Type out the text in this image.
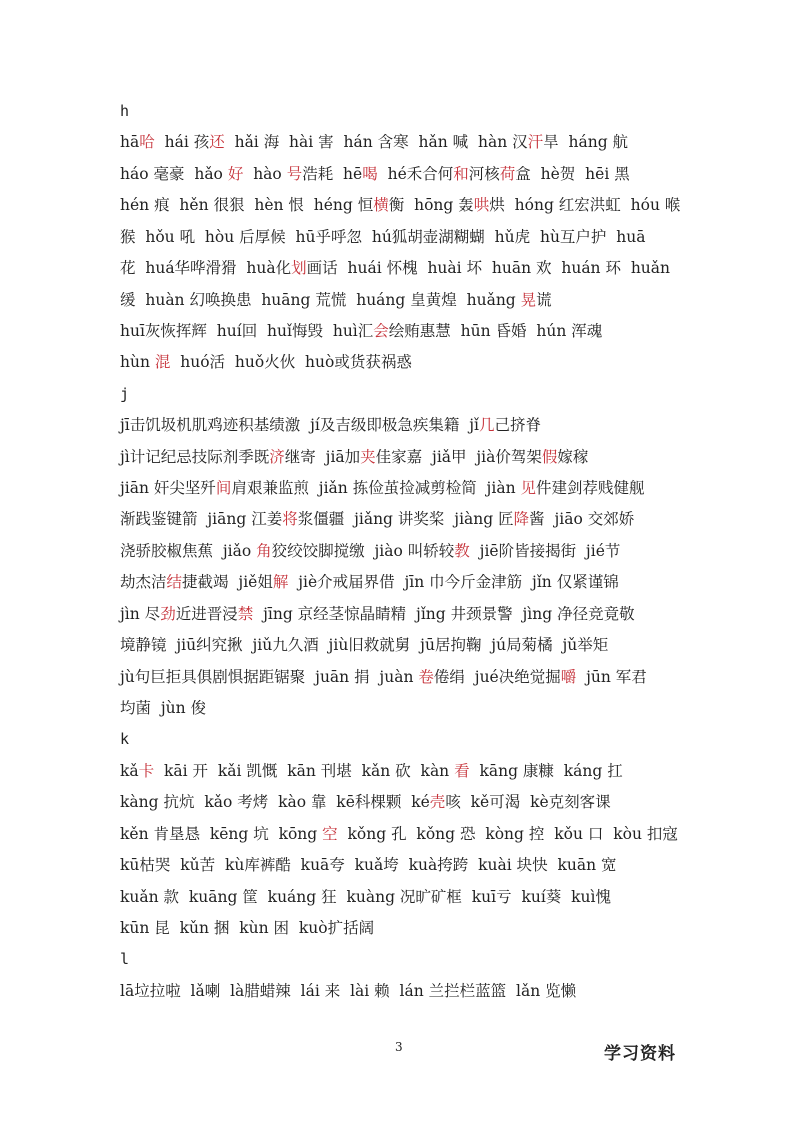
h
hā哈  hái 孩还  hǎi 海  hài 害  hán 含寒  hǎn 喊  hàn 汉汗旱  háng 航
háo 毫豪  hǎo 好  hào 号浩耗  hē喝  hé禾合何和河核荷盒  hè贺  hēi 黑
hén 痕  hěn 很狠  hèn 恨  héng 恒横衡  hōng 轰哄烘  hóng 红宏洪虹  hóu 喉
猴  hǒu 吼  hòu 后厚候  hū乎呼忽  hú狐胡壶湖糊蝴  hǔ虎  hù互户护  huā
花  huá华哗滑猾  huà化划画话  huái 怀槐  huài 坏  huān 欢  huán 环  huǎn
缓  huàn 幻唤换患  huāng 荒慌  huáng 皇黄煌  huǎng 晃谎
huī灰恢挥辉  huí回  huǐ悔毁  huì汇会绘贿惠慧  hūn 昏婚  hún 浑魂
hùn 混  huó活  huǒ火伙  huò或货获祸惑
j
jī击饥圾机肌鸡迹积基绩激  jí及吉级即极急疾集籍  jǐ几己挤脊
jì计记纪忌技际剂季既济继寄  jiā加夹佳家嘉  jiǎ甲  jià价驾架假嫁稼
jiān 奸尖坚歼间肩艰兼监煎  jiǎn 拣俭茧捡减剪检简  jiàn 见件建剑荐贱健舰
渐践鉴键箭  jiāng 江姜将浆僵疆  jiǎng 讲奖桨  jiàng 匠降酱  jiāo 交郊娇
浇骄胶椒焦蕉  jiǎo 角狡绞饺脚搅缴  jiào 叫轿较教  jiē阶皆接揭街  jié节
劫杰洁结捷截竭  jiě姐解  jiè介戒届界借  jīn 巾今斤金津筋  jǐn 仅紧谨锦
jìn 尽劲近进晋浸禁  jīng 京经茎惊晶睛精  jǐng 井颈景警  jìng 净径竞竟敬
境静镜  jiū纠究揪  jiǔ九久酒  jiù旧救就舅  jū居拘鞠  jú局菊橘  jǔ举矩
jù句巨拒具俱剧惧据距锯聚  juān 捐  juàn 卷倦绢  jué决绝觉掘嚼  jūn 军君
均菌  jùn 俊
k
kǎ卡  kāi 开  kǎi 凯慨  kān 刊堪  kǎn 砍  kàn 看  kāng 康糠  káng 扛
kàng 抗炕  kǎo 考烤  kào 靠  kē科棵颗  ké壳咳  kě可渴  kè克刻客课
kěn 肯垦恳  kēng 坑  kōng 空  kǒng 孔  kǒng 恐  kòng 控  kǒu 口  kòu 扣寇
kū枯哭  kǔ苦  kù库裤酷  kuā夸  kuǎ垮  kuà挎跨  kuài 块快  kuān 宽
kuǎn 款  kuāng 筐  kuáng 狂  kuàng 况旷矿框  kuī亏  kuí葵  kuì愧
kūn 昆  kǔn 捆  kùn 困  kuò扩括阔
l
lā垃拉啦  lǎ喇  là腊蜡辣  lái 来  lài 赖  lán 兰拦栏蓝篮  lǎn 览懒
3	学习资料
